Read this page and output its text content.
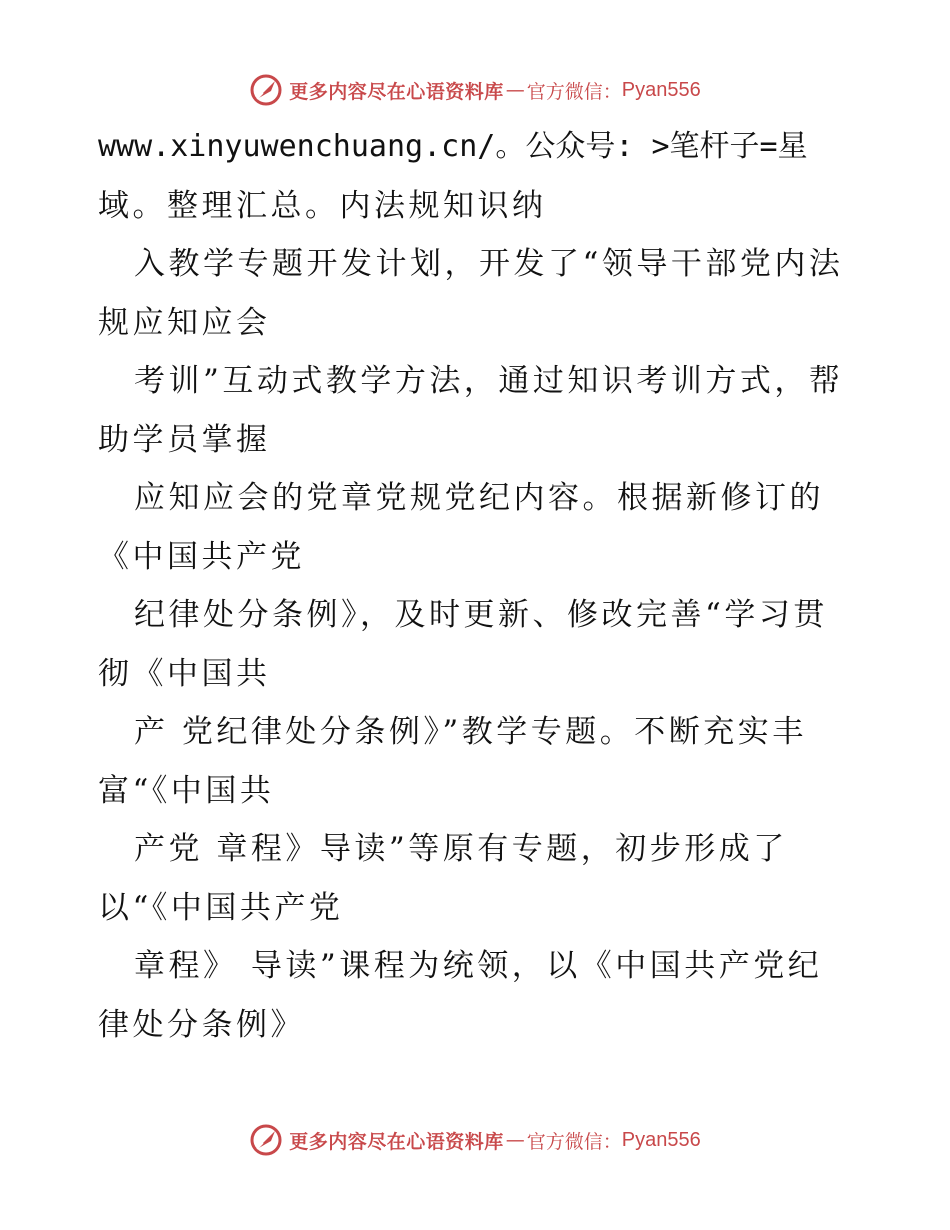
更多内容尽在心语资料库 — 官方微信： Pyan556
www.xinyuwenchuang.cn/。公众号: >笔杆子=星
域。整理汇总。内法规知识纳
入教学专题开发计划，开发了“领导干部党内法
规应知应会
考训”互动式教学方法，通过知识考训方式，帮
助学员掌握
应知应会的党章党规党纪内容。根据新修订的
《中国共产党
纪律处分条例》，及时更新、修改完善“学习贯
彻《中国共
产 党纪律处分条例》”教学专题。不断充实丰
富“《中国共
产党 章程》导读”等原有专题，初步形成了
以“《中国共产党
章程》 导读”课程为统领，以《中国共产党纪
律处分条例》
更多内容尽在心语资料库 — 官方微信： Pyan556
